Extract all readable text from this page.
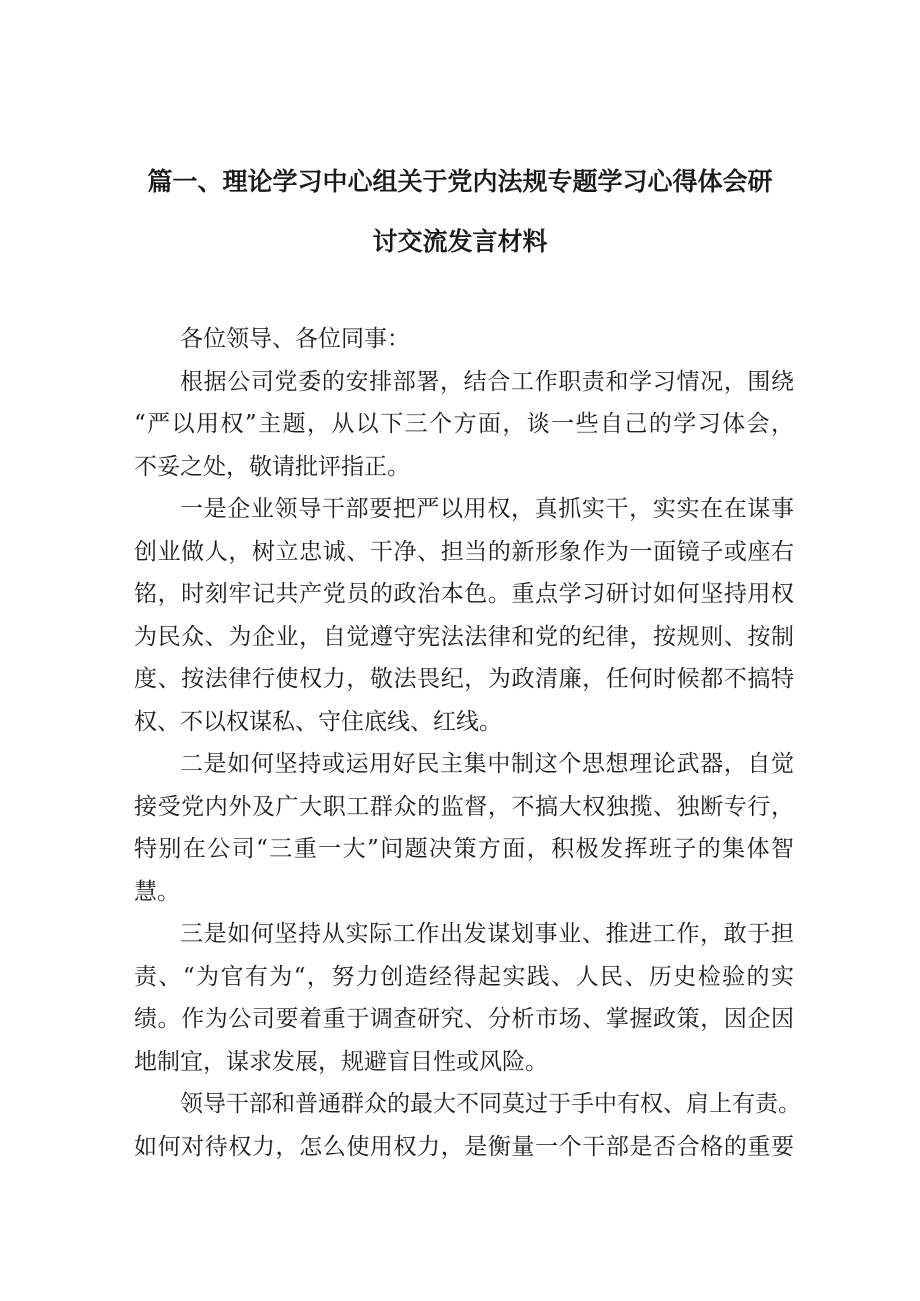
篇一、理论学习中心组关于党内法规专题学习心得体会研
讨交流发言材料
各位领导、各位同事：
根据公司党委的安排部署，结合工作职责和学习情况，围绕
“严以用权”主题，从以下三个方面，谈一些自己的学习体会，
不妥之处，敬请批评指正。
一是企业领导干部要把严以用权，真抓实干，实实在在谋事
创业做人，树立忠诚、干净、担当的新形象作为一面镜子或座右
铭，时刻牢记共产党员的政治本色。重点学习研讨如何坚持用权
为民众、为企业，自觉遵守宪法法律和党的纪律，按规则、按制
度、按法律行使权力，敬法畏纪，为政清廉，任何时候都不搞特
权、不以权谋私、守住底线、红线。
二是如何坚持或运用好民主集中制这个思想理论武器，自觉
接受党内外及广大职工群众的监督，不搞大权独揽、独断专行，
特别在公司“三重一大”问题决策方面，积极发挥班子的集体智
慧。
三是如何坚持从实际工作出发谋划事业、推进工作，敢于担
责、“为官有为“，努力创造经得起实践、人民、历史检验的实
绩。作为公司要着重于调查研究、分析市场、掌握政策，因企因
地制宜，谋求发展，规避盲目性或风险。
领导干部和普通群众的最大不同莫过于手中有权、肩上有责。
如何对待权力，怎么使用权力，是衡量一个干部是否合格的重要
